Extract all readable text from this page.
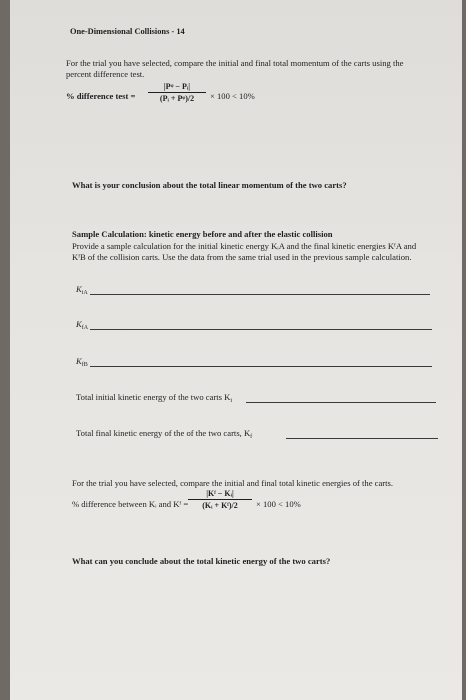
One-Dimensional Collisions - 14
For the trial you have selected, compare the initial and final total momentum of the carts using the
percent difference test.
% difference test =
|Pᵠ − Pᵢ|
(Pᵢ + Pᵠ)/2	× 100 < 10%
What is your conclusion about the total linear momentum of the two carts?
Sample Calculation: kinetic energy before and after the elastic collision
Provide a sample calculation for the initial kinetic energy KᵢA and the final kinetic energies KᶠA and
KᶠB of the collision carts. Use the data from the same trial used in the previous sample calculation.
$K_{iA}$
$K_{fA}$
$K_{fB}$
Total initial kinetic energy of the two carts $K_i$
Total final kinetic energy of the of the two carts, $K_f$
For the trial you have selected, compare the initial and final total kinetic energies of the carts.
% difference between Kᵢ and Kᶠ =
|Kᶠ − Kᵢ|
(Kᵢ + Kᶠ)/2	× 100 < 10%
What can you conclude about the total kinetic energy of the two carts?
